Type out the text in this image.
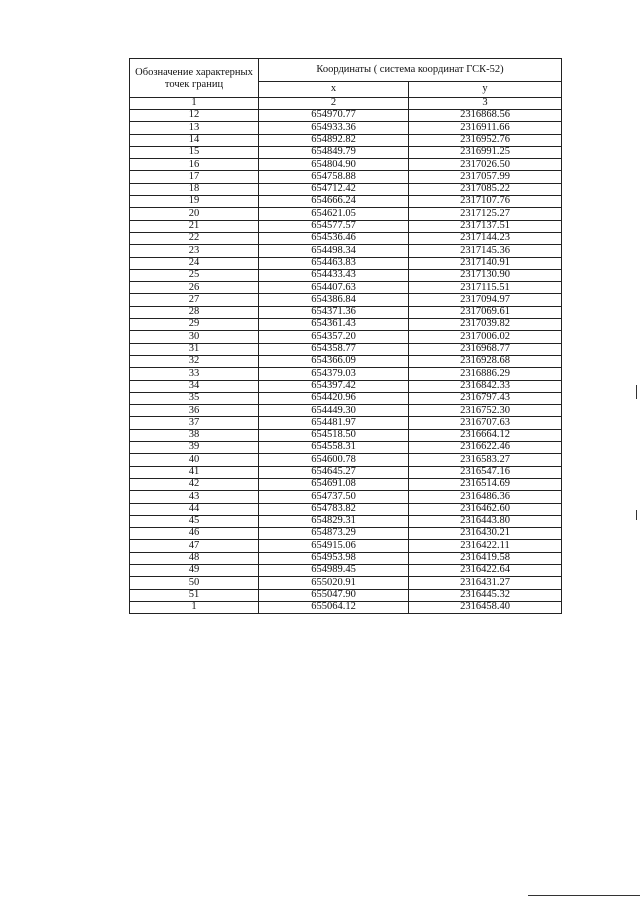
Обозначение характерных точек границ	Координаты ( система координат ГСК-52)	
	x	y
1	2	3
12	654970.77	2316868.56
13	654933.36	2316911.66
14	654892.82	2316952.76
15	654849.79	2316991.25
16	654804.90	2317026.50
17	654758.88	2317057.99
18	654712.42	2317085.22
19	654666.24	2317107.76
20	654621.05	2317125.27
21	654577.57	2317137.51
22	654536.46	2317144.23
23	654498.34	2317145.36
24	654463.83	2317140.91
25	654433.43	2317130.90
26	654407.63	2317115.51
27	654386.84	2317094.97
28	654371.36	2317069.61
29	654361.43	2317039.82
30	654357.20	2317006.02
31	654358.77	2316968.77
32	654366.09	2316928.68
33	654379.03	2316886.29
34	654397.42	2316842.33
35	654420.96	2316797.43
36	654449.30	2316752.30
37	654481.97	2316707.63
38	654518.50	2316664.12
39	654558.31	2316622.46
40	654600.78	2316583.27
41	654645.27	2316547.16
42	654691.08	2316514.69
43	654737.50	2316486.36
44	654783.82	2316462.60
45	654829.31	2316443.80
46	654873.29	2316430.21
47	654915.06	2316422.11
48	654953.98	2316419.58
49	654989.45	2316422.64
50	655020.91	2316431.27
51	655047.90	2316445.32
1	655064.12	2316458.40
